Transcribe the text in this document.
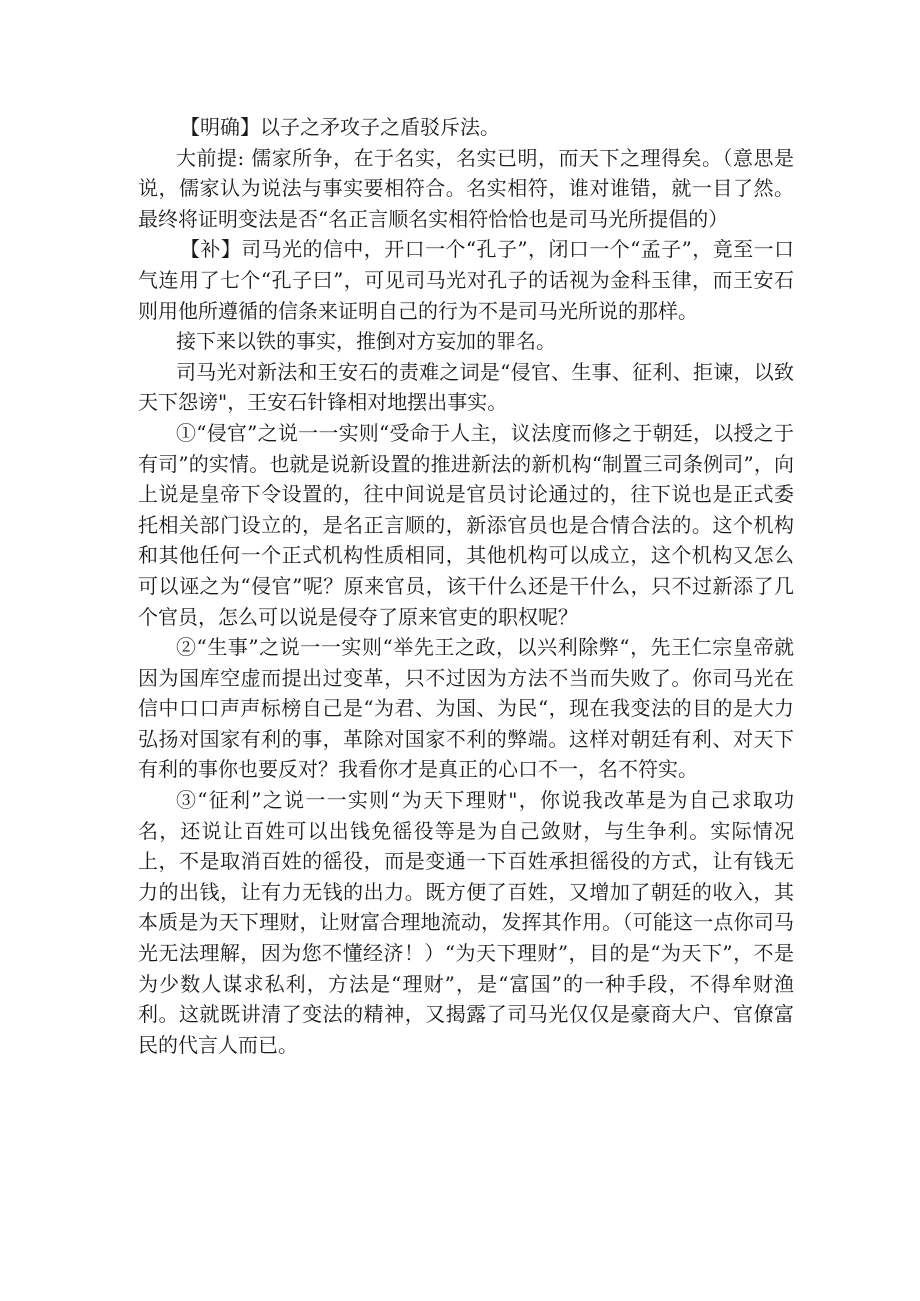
【明确】以子之矛攻子之盾驳斥法。

大前提: 儒家所争，在于名实，名实已明，而天下之理得矣。（意思是说，儒家认为说法与事实要相符合。名实相符，谁对谁错，就一目了然。最终将证明变法是否“名正言顺名实相符恰恰也是司马光所提倡的）

【补】司马光的信中，开口一个“孔子”，闭口一个“孟子”，竟至一口气连用了七个“孔子曰”，可见司马光对孔子的话视为金科玉律，而王安石则用他所遵循的信条来证明自己的行为不是司马光所说的那样。

接下来以铁的事实，推倒对方妄加的罪名。

司马光对新法和王安石的责难之词是“侵官、生事、征利、拒谏，以致天下怨谤"，王安石针锋相对地摆出事实。

①“侵官”之说一一实则“受命于人主，议法度而修之于朝廷，以授之于有司”的实情。也就是说新设置的推进新法的新机构“制置三司条例司”，向上说是皇帝下令设置的，往中间说是官员讨论通过的，往下说也是正式委托相关部门设立的，是名正言顺的，新添官员也是合情合法的。这个机构和其他任何一个正式机构性质相同，其他机构可以成立，这个机构又怎么可以诬之为“侵官”呢？原来官员，该干什么还是干什么，只不过新添了几个官员，怎么可以说是侵夺了原来官吏的职权呢？

②“生事”之说一一实则“举先王之政，以兴利除弊“，先王仁宗皇帝就因为国库空虚而提出过变革，只不过因为方法不当而失败了。你司马光在信中口口声声标榜自己是“为君、为国、为民“，现在我变法的目的是大力弘扬对国家有利的事，革除对国家不利的弊端。这样对朝廷有利、对天下有利的事你也要反对？我看你才是真正的心口不一，名不符实。

③“征利”之说一一实则“为天下理财"，你说我改革是为自己求取功名，还说让百姓可以出钱免徭役等是为自己敛财，与生争利。实际情况上，不是取消百姓的徭役，而是变通一下百姓承担徭役的方式，让有钱无力的出钱，让有力无钱的出力。既方便了百姓，又增加了朝廷的收入，其本质是为天下理财，让财富合理地流动，发挥其作用。（可能这一点你司马光无法理解，因为您不懂经济！）“为天下理财”，目的是“为天下”，不是为少数人谋求私利，方法是“理财”，是“富国”的一种手段，不得牟财渔利。这就既讲清了变法的精神，又揭露了司马光仅仅是豪商大户、官僚富民的代言人而已。
